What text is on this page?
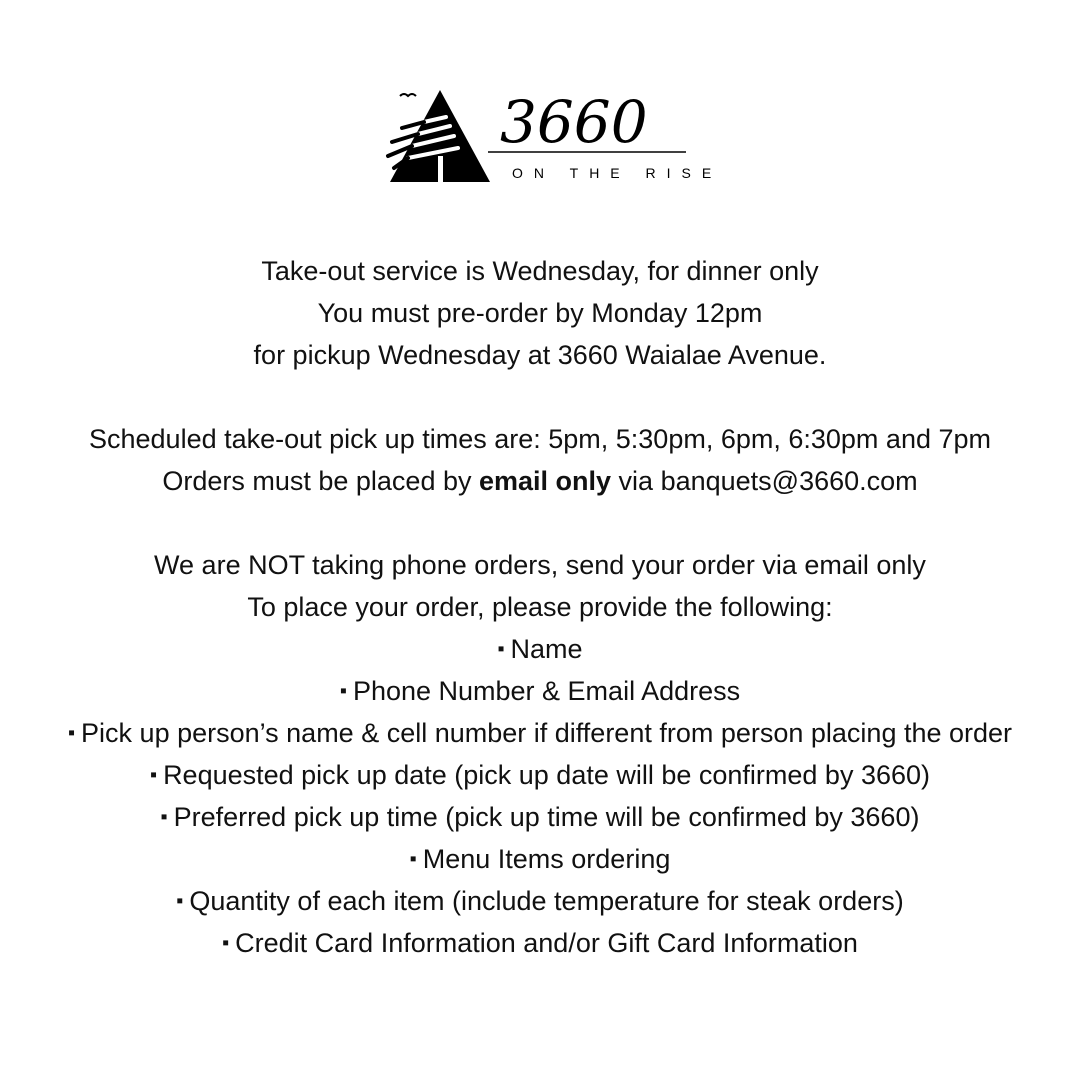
3660
ON THE RISE
Take-out service is Wednesday, for dinner only
You must pre-order by Monday 12pm
for pickup Wednesday at 3660 Waialae Avenue.
Scheduled take-out pick up times are: 5pm, 5:30pm, 6pm, 6:30pm and 7pm
Orders must be placed by email only via banquets@3660.com
We are NOT taking phone orders, send your order via email only
To place your order, please provide the following:
▪ Name
▪ Phone Number & Email Address
▪ Pick up person’s name & cell number if different from person placing the order
▪ Requested pick up date (pick up date will be confirmed by 3660)
▪ Preferred pick up time (pick up time will be confirmed by 3660)
▪ Menu Items ordering
▪ Quantity of each item (include temperature for steak orders)
▪ Credit Card Information and/or Gift Card Information
